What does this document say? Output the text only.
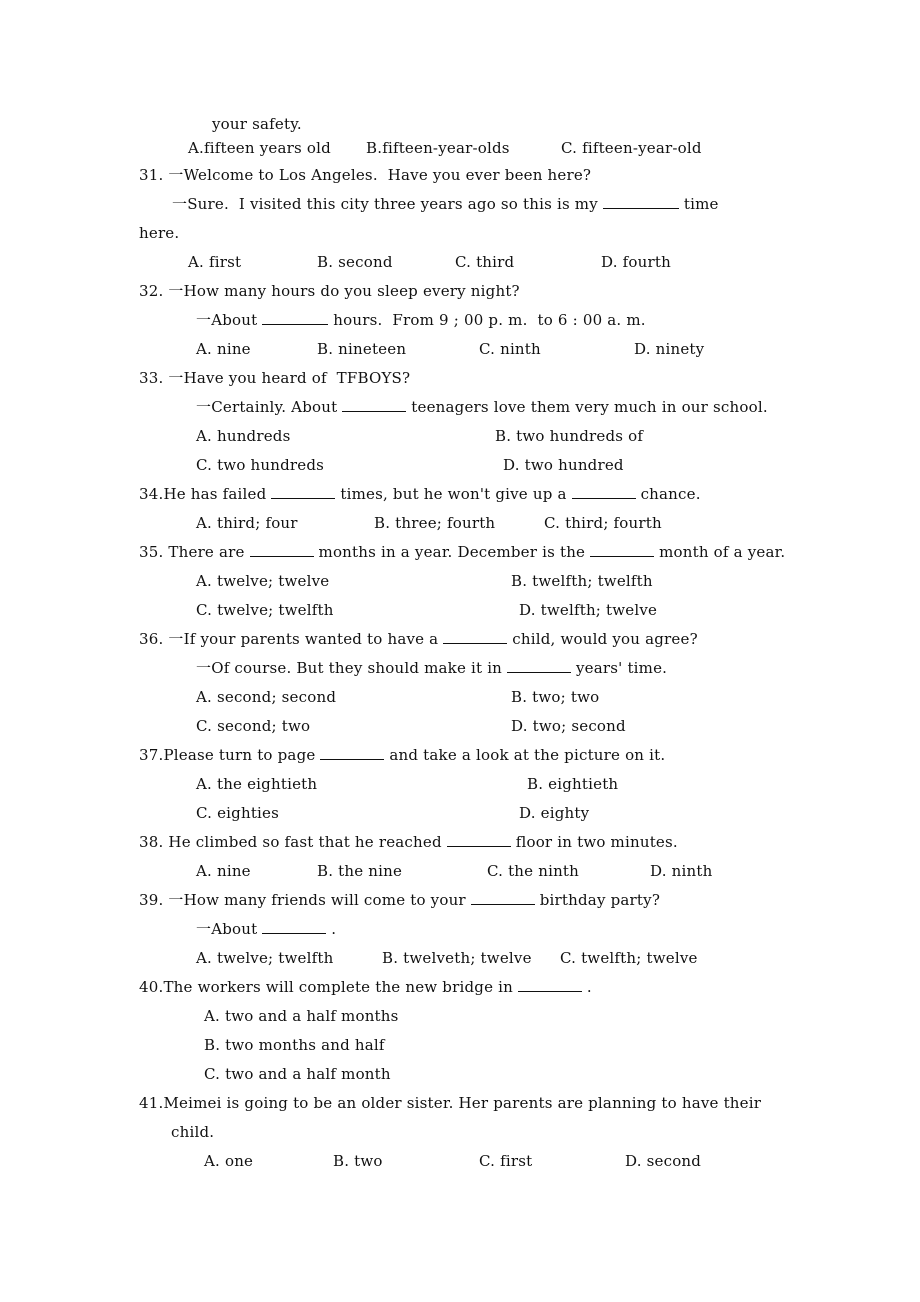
your safety.
A.fifteen years old B.fifteen-year-olds	C. fifteen-year-old
31. 一Welcome to Los Angeles.  Have you ever been here?
一Sure.  I visited this city three years ago so this is my	time
here.
A. first	B. second	C. third	D. fourth
32. 一How many hours do you sleep every night?
一About	hours.  From 9 ; 00 p. m.  to 6 : 00 a. m.
A. nine	B. nineteen	C. ninth	D. ninety
33. 一Have you heard of  TFBOYS?
一Certainly. About	teenagers love them very much in our school.
A. hundreds	B. two hundreds of
C. two hundreds	D. two hundred
34.He has failed	times, but he won't give up a	chance.
A. third; four	B. three; fourth	C. third; fourth
35. There are	months in a year. December is the	month of a year.
A. twelve; twelve	B. twelfth; twelfth
C. twelve; twelfth	D. twelfth; twelve
36. 一If your parents wanted to have a	child, would you agree?
一Of course. But they should make it in	years' time.
A. second; second	B. two; two
C. second; two	D. two; second
37.Please turn to page	and take a look at the picture on it.
A. the eightieth	B. eightieth
C. eighties	D. eighty
38. He climbed so fast that he reached	floor in two minutes.
A. nine	B. the nine	C. the ninth	D. ninth
39. 一How many friends will come to your	birthday party?
一About	.
A. twelve; twelfth	B. twelveth; twelve C. twelfth; twelve
40.The workers will complete the new bridge in	.
A. two and a half months
B. two months and half
C. two and a half month
41.Meimei is going to be an older sister. Her parents are planning to have their
child.
A. one	B. two	C. first	D. second
